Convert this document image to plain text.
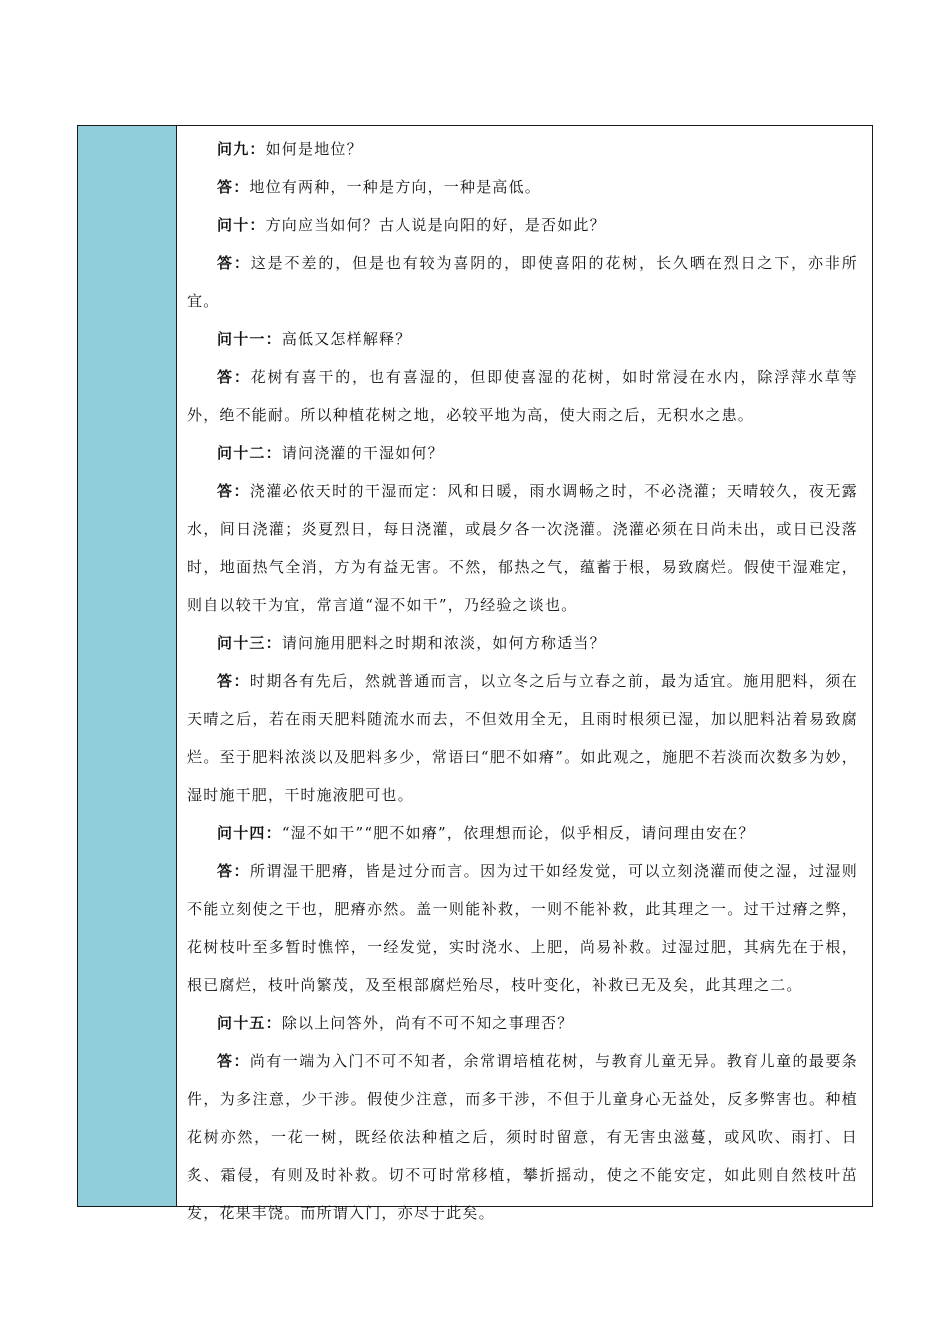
问九：如何是地位？

答：地位有两种，一种是方向，一种是高低。

问十：方向应当如何？古人说是向阳的好，是否如此？

答：这是不差的，但是也有较为喜阴的，即使喜阳的花树，长久晒在烈日之下，亦非所宜。

问十一：高低又怎样解释？

答：花树有喜干的，也有喜湿的，但即使喜湿的花树，如时常浸在水内，除浮萍水草等外，绝不能耐。所以种植花树之地，必较平地为高，使大雨之后，无积水之患。

问十二：请问浇灌的干湿如何？

答：浇灌必依天时的干湿而定：风和日暖，雨水调畅之时，不必浇灌；天晴较久，夜无露水，间日浇灌；炎夏烈日，每日浇灌，或晨夕各一次浇灌。浇灌必须在日尚未出，或日已没落时，地面热气全消，方为有益无害。不然，郁热之气，蕴蓄于根，易致腐烂。假使干湿难定，则自以较干为宜，常言道“湿不如干”，乃经验之谈也。

问十三：请问施用肥料之时期和浓淡，如何方称适当？

答：时期各有先后，然就普通而言，以立冬之后与立春之前，最为适宜。施用肥料，须在天晴之后，若在雨天肥料随流水而去，不但效用全无，且雨时根须已湿，加以肥料沾着易致腐烂。至于肥料浓淡以及肥料多少，常语曰“肥不如瘠”。如此观之，施肥不若淡而次数多为妙，湿时施干肥，干时施液肥可也。

问十四：“湿不如干”“肥不如瘠”，依理想而论，似乎相反，请问理由安在？

答：所谓湿干肥瘠，皆是过分而言。因为过干如经发觉，可以立刻浇灌而使之湿，过湿则不能立刻使之干也，肥瘠亦然。盖一则能补救，一则不能补救，此其理之一。过干过瘠之弊，花树枝叶至多暂时憔悴，一经发觉，实时浇水、上肥，尚易补救。过湿过肥，其病先在于根，根已腐烂，枝叶尚繁茂，及至根部腐烂殆尽，枝叶变化，补救已无及矣，此其理之二。

问十五：除以上问答外，尚有不可不知之事理否？

答：尚有一端为入门不可不知者，余常谓培植花树，与教育儿童无异。教育儿童的最要条件，为多注意，少干涉。假使少注意，而多干涉，不但于儿童身心无益处，反多弊害也。种植花树亦然，一花一树，既经依法种植之后，须时时留意，有无害虫滋蔓，或风吹、雨打、日炙、霜侵，有则及时补救。切不可时常移植，攀折摇动，使之不能安定，如此则自然枝叶茁发，花果丰饶。而所谓入门，亦尽于此矣。
